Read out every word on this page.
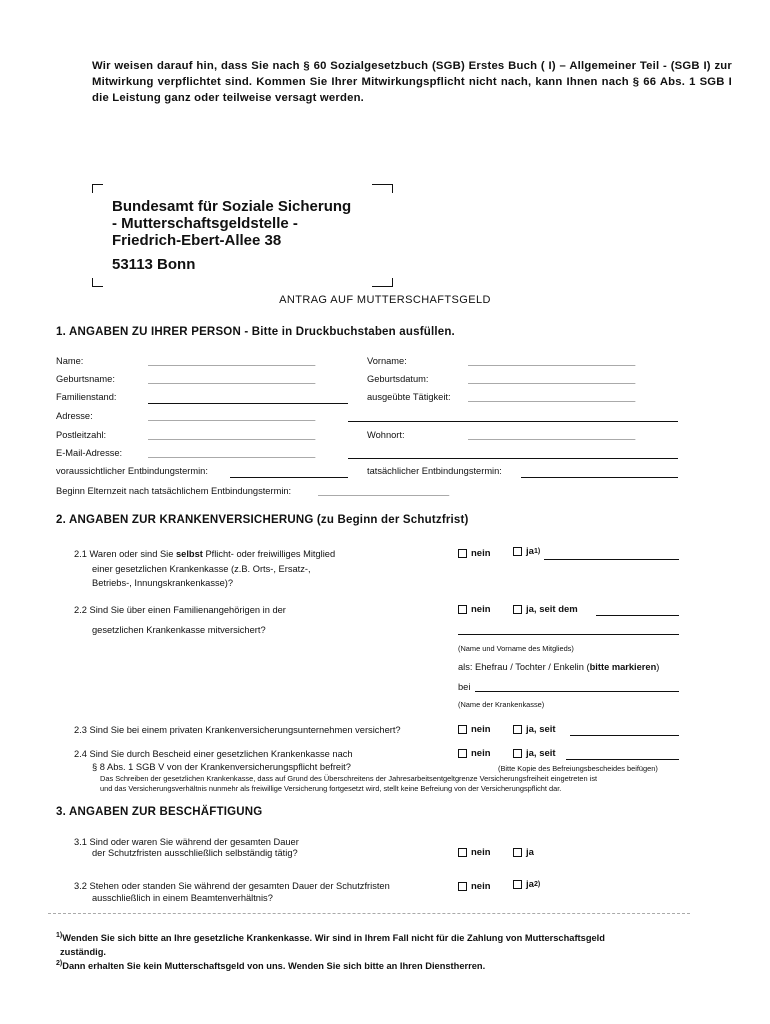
Wir weisen darauf hin, dass Sie nach § 60 Sozialgesetzbuch (SGB) Erstes Buch ( I) – Allgemeiner Teil - (SGB I) zur Mitwirkung verpflichtet sind. Kommen Sie Ihrer Mitwirkungspflicht nicht nach, kann Ihnen nach § 66 Abs. 1 SGB I die Leistung ganz oder teilweise versagt werden.
Bundesamt für Soziale Sicherung
- Mutterschaftsgeldstelle -
Friedrich-Ebert-Allee 38
53113 Bonn
ANTRAG AUF MUTTERSCHAFTSGELD
1. ANGABEN ZU IHRER PERSON - Bitte in Druckbuchstaben ausfüllen.
Name:	_____________________________________	Vorname:	_____________________________________
Geburtsname:	_____________________________________	Geburtsdatum:	_____________________________________
Familienstand:	ausgeübte Tätigkeit: _____________________________________
Adresse:	_____________________________________
Postleitzahl:	_____________________________________	Wohnort:	_____________________________________
E-Mail-Adresse:	_____________________________________
voraussichtlicher Entbindungstermin:	tatsächlicher Entbindungstermin:
Beginn Elternzeit nach tatsächlichem Entbindungstermin:	_____________________________
2. ANGABEN ZUR KRANKENVERSICHERUNG (zu Beginn der Schutzfrist)
2.1 Waren oder sind Sie selbst Pflicht- oder freiwilliges Mitglied
einer gesetzlichen Krankenkasse (z.B. Orts-, Ersatz-,
Betriebs-, Innungskrankenkasse)?
nein	ja 1)
2.2 Sind Sie über einen Familienangehörigen in der
gesetzlichen Krankenkasse mitversichert?
nein	ja, seit dem
(Name und Vorname des Mitglieds)
als: Ehefrau / Tochter / Enkelin (bitte markieren)
bei
(Name der Krankenkasse)
2.3 Sind Sie bei einem privaten Krankenversicherungsunternehmen versichert?	nein	ja, seit
2.4 Sind Sie durch Bescheid einer gesetzlichen Krankenkasse nach
§ 8 Abs. 1 SGB V von der Krankenversicherungspflicht befreit?
nein	ja, seit
(Bitte Kopie des Befreiungsbescheides beifügen)
Das Schreiben der gesetzlichen Krankenkasse, dass auf Grund des Überschreitens der Jahresarbeitsentgeltgrenze Versicherungsfreiheit eingetreten ist
und das Versicherungsverhältnis nunmehr als freiwillige Versicherung fortgesetzt wird, stellt keine Befreiung von der Versicherungspflicht dar.
3. ANGABEN ZUR BESCHÄFTIGUNG
3.1 Sind oder waren Sie während der gesamten Dauer
der Schutzfristen ausschließlich selbständig tätig?	nein	ja
3.2 Stehen oder standen Sie während der gesamten Dauer der Schutzfristen
ausschließlich in einem Beamtenverhältnis?
nein	ja 2)
$^{1)}$Wenden Sie sich bitte an Ihre gesetzliche Krankenkasse. Wir sind in Ihrem Fall nicht für die Zahlung von Mutterschaftsgeld
zuständig.
$^{2)}$Dann erhalten Sie kein Mutterschaftsgeld von uns. Wenden Sie sich bitte an Ihren Dienstherren.
